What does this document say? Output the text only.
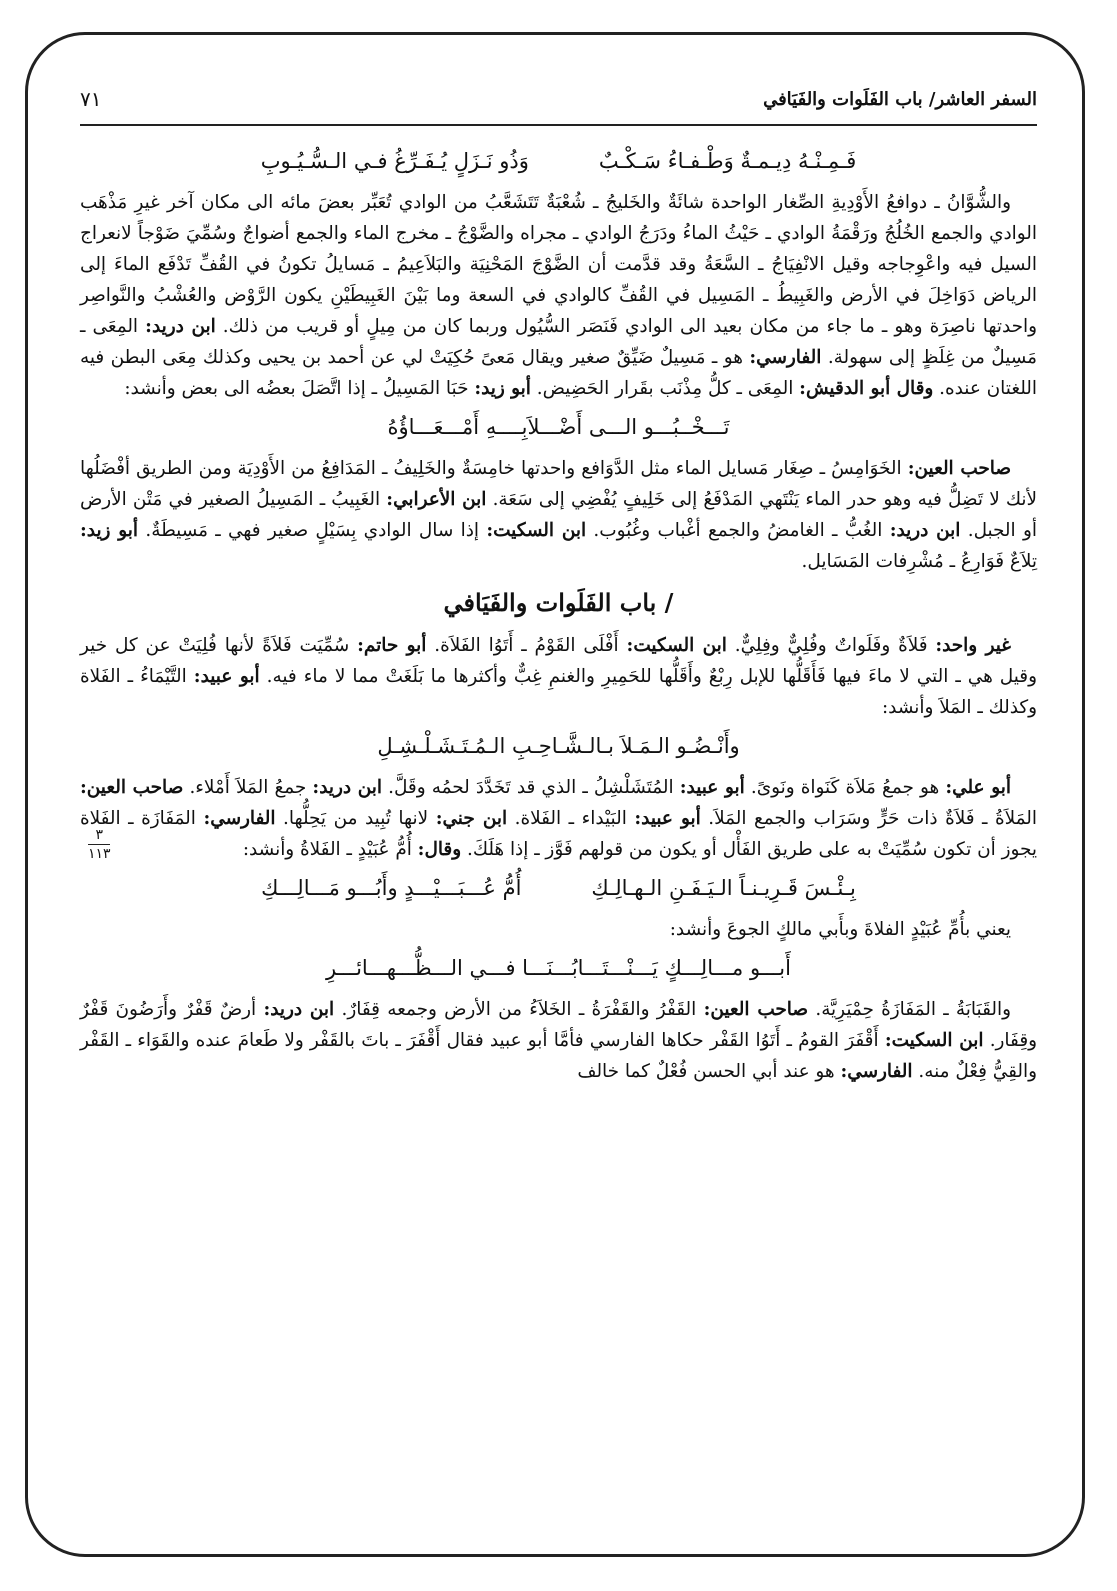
٧١	السفر العاشر/ باب الفَلَوات والفَيَافي
٣
١١٣
فَـمِـنْـهُ دِيـمـةٌ وَطْـفـاءُ سَـكْـبٌ
وَذُو نَـزَلٍ يُـفَـرِّغُ فـي الـسُّـيُـوبِ

والشُّوَّانُ ـ دوافعُ الأَوْدِيةِ الصِّغار الواحدة شائَةٌ والخَليجُ ـ شُعْبَةٌ تَتَشَعَّبُ من الوادي تُعَبِّر بعضَ مائه الى مكان آخر غيرِ مَذْهَب الوادي والجمع الخُلُجُ ورَقْمَةُ الوادي ـ حَيْثُ الماءُ ودَرَجُ الوادي ـ مجراه والضَّوْجُ ـ مخرج الماء والجمع أضواجٌ وسُمِّيَ ضَوْجاً لانعراج السيل فيه واعْوِجاجه وقيل الانْفِيَاجُ ـ السَّعَةُ وقد قدَّمت أن الضَّوْجَ المَحْنِيَة والبَلاَعِيمُ ـ مَسايلُ تكونُ في القُفِّ تَدْفَع الماءَ إلى الرياض دَوَاخِلَ في الأرض والغَبِيطُ ـ المَسِيل في القُفِّ كالوادي في السعة وما بَيْنَ الغَبِيطَيْنِ يكون الرَّوْض والعُشْبُ والنَّواصِر واحدتها ناصِرَة وهو ـ ما جاء من مكان بعيد الى الوادي فَنَصَر السُّيُول وربما كان من مِيلٍ أو قريب من ذلك. ابن دريد: المِعَى ـ مَسِيلٌ من غِلَظٍ إلى سهولة. الفارسي: هو ـ مَسِيلٌ ضَيِّقٌ صغير ويقال مَعىً حُكِيَتْ لي عن أحمد بن يحيى وكذلك مِعَى البطن فيه اللغتان عنده. وقال أبو الدقيش: المِعَى ـ كلُّ مِذْنَب بقَرار الحَضِيض. أبو زيد: حَبَا المَسِيلُ ـ إذا اتَّصَلَ بعضُه الى بعض وأنشد:

تَـــخْــبُـــو الـــى أَضْـــلاَبِــــهِ أَمْـــعَـــاؤُهُ

صاحب العين: الخَوَامِسُ ـ صِغَار مَسايل الماء مثل الدَّوَافع واحدتها خامِسَةٌ والخَلِيفُ ـ المَدَافِعُ من الأَوْدِيَة ومن الطريق أفْضَلُها لأنك لا تَضِلُّ فيه وهو حدر الماء يَنْتَهي المَدْفَعُ إلى خَلِيفٍ يُفْضِي إلى سَعَة. ابن الأعرابي: الغَبِيبُ ـ المَسِيلُ الصغير في مَتْن الأرض أو الجبل. ابن دريد: الغُبُّ ـ الغامضُ والجمع أغْباب وغُبُوب. ابن السكيت: إذا سال الوادي بِسَيْلٍ صغير فهي ـ مَسِيطَةٌ. أبو زيد: تِلاَعٌ فَوَارِعُ ـ مُشْرِفات المَسَايل.

/ باب الفَلَوات والفَيَافي

غير واحد: فَلاَةٌ وفَلَواتٌ وفُلِيٌّ وفِلِيٌّ. ابن السكيت: أَفْلَى القَوْمُ ـ أَتَوُا الفَلاَة. أبو حاتم: سُمِّيَت فَلاَةً لأنها فُلِيَتْ عن كل خير وقيل هي ـ التي لا ماءَ فيها فَأَقَلُّها للإبل رِبْعٌ وأَقَلُّها للحَمِيرِ والغنمِ غِبٌّ وأكثرها ما بَلَغَتْ مما لا ماء فيه. أبو عبيد: التَّيْمَاءُ ـ الفَلاة وكذلك ـ المَلاَ وأنشد:

وأَنْـضُـو الـمَـلاَ بـالـشَّـاحِـبِ الـمُـتَـشَـلْـشِـلِ

أبو علي: هو جمعُ مَلاَة كَنَواة ونَوىً. أبو عبيد: المُتَشَلْشِلُ ـ الذي قد تَخَدَّدَ لحمُه وقَلَّ. ابن دريد: جمعُ المَلاَ أَمْلاء. صاحب العين: المَلاَةُ ـ فَلاَةٌ ذات حَرٍّ وسَرَاب والجمع المَلاَ. أبو عبيد: البَيْداء ـ الفَلاة. ابن جني: لانها تُبِيد من يَحِلُّها. الفارسي: المَفَازَة ـ الفَلاة يجوز أن تكون سُمِّيَتْ به على طريق الفَأْل أو يكون من قولهم فَوَّز ـ إذا هَلَكَ. وقال: أُمُّ عُبَيْدٍ ـ الفَلاةُ وأنشد:

بِـئْـسَ قَـرِيـنـاً الـيَـفَـنِ الـهـالِـكِ
أُمُّ عُـــبَـــيْـــدٍ وأَبُـــو مَـــالِـــكِ

يعني بأُمِّ عُبَيْدٍ الفلاةَ وبأَبي مالكٍ الجوعَ وأنشد:

أَبـــو مـــالِـــكٍ يَـــنْـــتَـــابُـــنَـــا فـــي الـــظُّـــهـــائـــرِ

والقَبَابَةُ ـ المَفَازَةُ حِمْيَرِيَّة. صاحب العين: القَفْرُ والقَفْرَةُ ـ الخَلاَءُ من الأرض وجمعه قِفَارٌ. ابن دريد: أرضٌ قَفْرٌ وأَرَضُونَ قَفْرٌ وقِفَار. ابن السكيت: أَقْفَرَ القومُ ـ أَتَوُا القَفْر حكاها الفارسي فأمَّا أبو عبيد فقال أَقْفَرَ ـ باتَ بالقَفْر ولا طَعامَ عنده والقَوَاء ـ القَفْر والقِيُّ فِعْلٌ منه. الفارسي: هو عند أبي الحسن فُعْلٌ كما خالف
